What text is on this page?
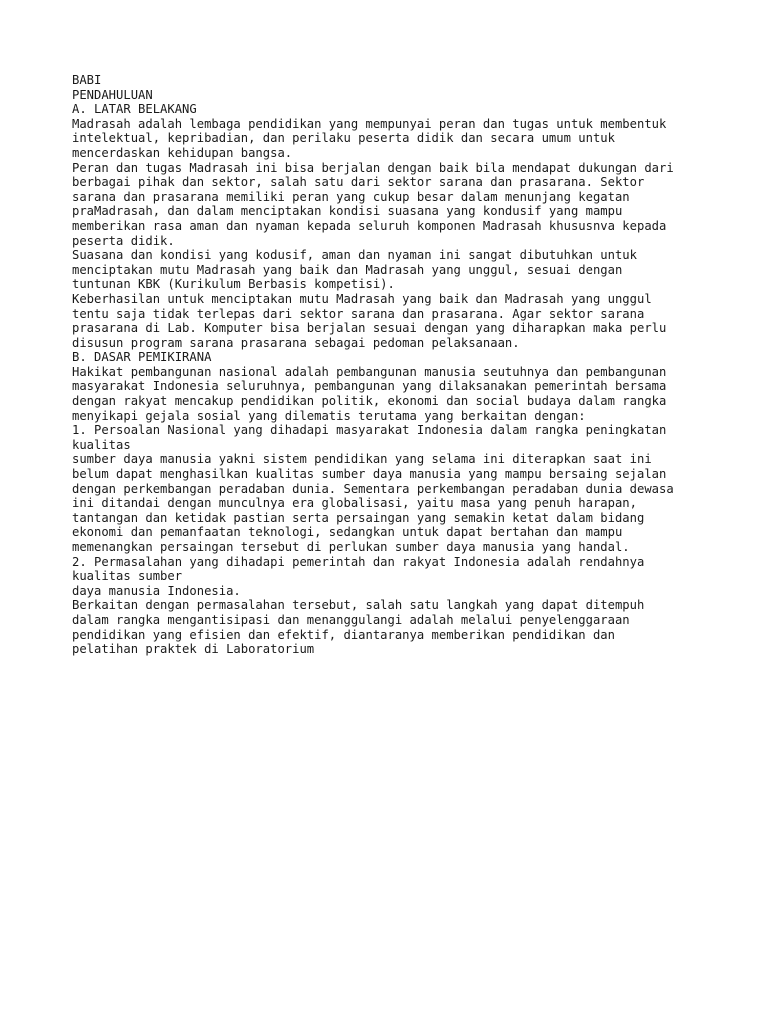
BABI
PENDAHULUAN
A. LATAR BELAKANG
Madrasah adalah lembaga pendidikan yang mempunyai peran dan tugas untuk membentuk
intelektual, kepribadian, dan perilaku peserta didik dan secara umum untuk
mencerdaskan kehidupan bangsa.
Peran dan tugas Madrasah ini bisa berjalan dengan baik bila mendapat dukungan dari
berbagai pihak dan sektor, salah satu dari sektor sarana dan prasarana. Sektor
sarana dan prasarana memiliki peran yang cukup besar dalam menunjang kegatan
praMadrasah, dan dalam menciptakan kondisi suasana yang kondusif yang mampu
memberikan rasa aman dan nyaman kepada seluruh komponen Madrasah khususnva kepada
peserta didik.
Suasana dan kondisi yang kodusif, aman dan nyaman ini sangat dibutuhkan untuk
menciptakan mutu Madrasah yang baik dan Madrasah yang unggul, sesuai dengan
tuntunan KBK (Kurikulum Berbasis kompetisi).
Keberhasilan untuk menciptakan mutu Madrasah yang baik dan Madrasah yang unggul
tentu saja tidak terlepas dari sektor sarana dan prasarana. Agar sektor sarana
prasarana di Lab. Komputer bisa berjalan sesuai dengan yang diharapkan maka perlu
disusun program sarana prasarana sebagai pedoman pelaksanaan.
B. DASAR PEMIKIRANA
Hakikat pembangunan nasional adalah pembangunan manusia seutuhnya dan pembangunan
masyarakat Indonesia seluruhnya, pembangunan yang dilaksanakan pemerintah bersama
dengan rakyat mencakup pendidikan politik, ekonomi dan social budaya dalam rangka
menyikapi gejala sosial yang dilematis terutama yang berkaitan dengan:
1. Persoalan Nasional yang dihadapi masyarakat Indonesia dalam rangka peningkatan
kualitas
sumber daya manusia yakni sistem pendidikan yang selama ini diterapkan saat ini
belum dapat menghasilkan kualitas sumber daya manusia yang mampu bersaing sejalan
dengan perkembangan peradaban dunia. Sementara perkembangan peradaban dunia dewasa
ini ditandai dengan munculnya era globalisasi, yaitu masa yang penuh harapan,
tantangan dan ketidak pastian serta persaingan yang semakin ketat dalam bidang
ekonomi dan pemanfaatan teknologi, sedangkan untuk dapat bertahan dan mampu
memenangkan persaingan tersebut di perlukan sumber daya manusia yang handal.
2. Permasalahan yang dihadapi pemerintah dan rakyat Indonesia adalah rendahnya
kualitas sumber
daya manusia Indonesia.
Berkaitan dengan permasalahan tersebut, salah satu langkah yang dapat ditempuh
dalam rangka mengantisipasi dan menanggulangi adalah melalui penyelenggaraan
pendidikan yang efisien dan efektif, diantaranya memberikan pendidikan dan
pelatihan praktek di Laboratorium
